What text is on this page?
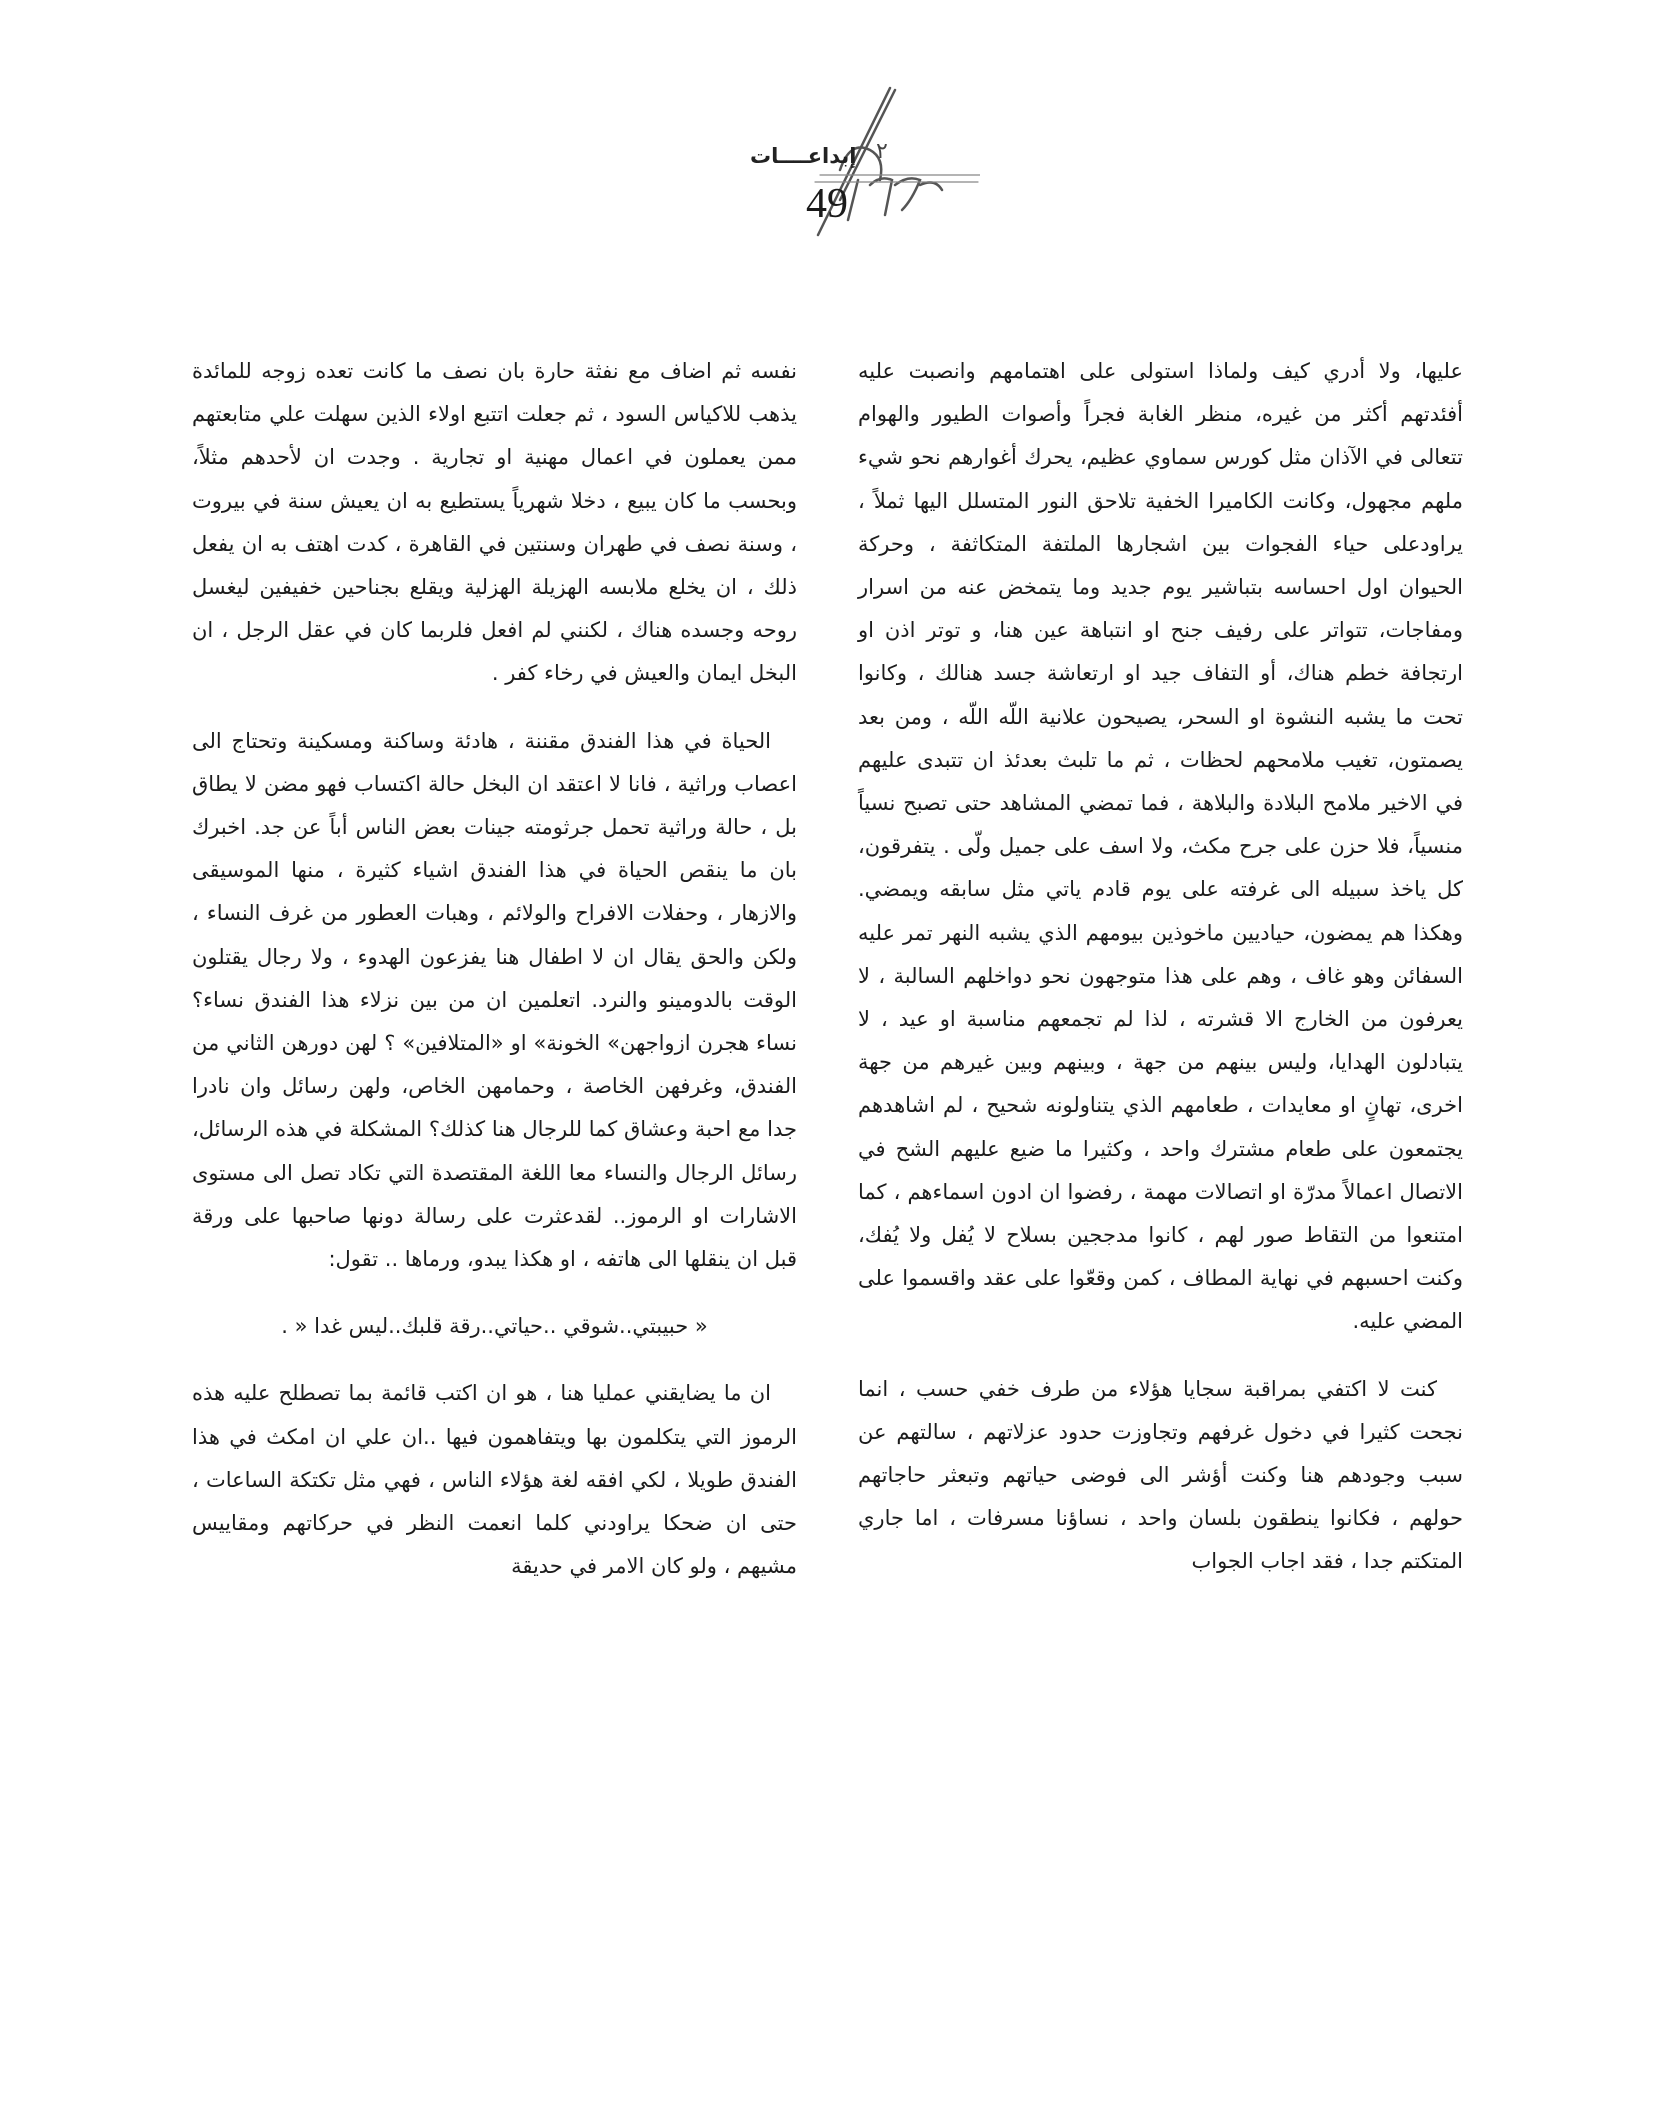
٢
إبداعــــات
49

عليها، ولا أدري كيف ولماذا استولى على اهتمامهم وانصبت عليه أفئدتهم أكثر من غيره، منظر الغابة فجراً وأصوات الطيور والهوام تتعالى في الآذان مثل كورس سماوي عظيم، يحرك أغوارهم نحو شيء ملهم مجهول، وكانت الكاميرا الخفية تلاحق النور المتسلل اليها ثملاً ، يراودعلى حياء الفجوات بين اشجارها الملتفة المتكاثفة ، وحركة الحيوان اول احساسه بتباشير يوم جديد وما يتمخض عنه من اسرار ومفاجات، تتواتر على رفيف جنح او انتباهة عين هنا، و توتر اذن او ارتجافة خطم هناك، أو التفاف جيد او ارتعاشة جسد هنالك ، وكانوا تحت ما يشبه النشوة او السحر، يصيحون علانية اللّه اللّه ، ومن بعد يصمتون، تغيب ملامحهم لحظات ، ثم ما تلبث بعدئذ ان تتبدى عليهم في الاخير ملامح البلادة والبلاهة ، فما تمضي المشاهد حتى تصبح نسياً منسياً، فلا حزن على جرح مكث، ولا اسف على جميل ولّى . يتفرقون، كل ياخذ سبيله الى غرفته على يوم قادم ياتي مثل سابقه ويمضي. وهكذا هم يمضون، حياديين ماخوذين بيومهم الذي يشبه النهر تمر عليه السفائن وهو غاف ، وهم على هذا متوجهون نحو دواخلهم السالبة ، لا يعرفون من الخارج الا قشرته ، لذا لم تجمعهم مناسبة او عيد ، لا يتبادلون الهدايا، وليس بينهم من جهة ، وبينهم وبين غيرهم من جهة اخرى، تهانٍ او معايدات ، طعامهم الذي يتناولونه شحيح ، لم اشاهدهم يجتمعون على طعام مشترك واحد ، وكثيرا ما ضيع عليهم الشح في الاتصال اعمالاً مدرّة او اتصالات مهمة ، رفضوا ان ادون اسماءهم ، كما امتنعوا من التقاط صور لهم ، كانوا مدججين بسلاح لا يُفل ولا يُفك، وكنت احسبهم في نهاية المطاف ، كمن وقعّوا على عقد واقسموا على المضي عليه.

كنت لا اكتفي بمراقبة سجايا هؤلاء من طرف خفي حسب ، انما نجحت كثيرا في دخول غرفهم وتجاوزت حدود عزلاتهم ، سالتهم عن سبب وجودهم هنا وكنت أؤشر الى فوضى حياتهم وتبعثر حاجاتهم حولهم ، فكانوا ينطقون بلسان واحد ، نساؤنا مسرفات ، اما جاري المتكتم جدا ، فقد اجاب الجواب

نفسه ثم اضاف مع نفثة حارة بان نصف ما كانت تعده زوجه للمائدة يذهب للاكياس السود ، ثم جعلت اتتبع اولاء الذين سهلت علي متابعتهم ممن يعملون في اعمال مهنية او تجارية . وجدت ان لأحدهم مثلاً، وبحسب ما كان يبيع ، دخلا شهرياً يستطيع به ان يعيش سنة في بيروت ، وسنة نصف في طهران وسنتين في القاهرة ، كدت اهتف به ان يفعل ذلك ، ان يخلع ملابسه الهزيلة الهزلية ويقلع بجناحين خفيفين ليغسل روحه وجسده هناك ، لكنني لم افعل فلربما كان في عقل الرجل ، ان البخل ايمان والعيش في رخاء كفر .

الحياة في هذا الفندق مقننة ، هادئة وساكنة ومسكينة وتحتاج الى اعصاب وراثية ، فانا لا اعتقد ان البخل حالة اكتساب فهو مضن لا يطاق بل ، حالة وراثية تحمل جرثومته جينات بعض الناس أباً عن جد. اخبرك بان ما ينقص الحياة في هذا الفندق اشياء كثيرة ، منها الموسيقى والازهار ، وحفلات الافراح والولائم ، وهبات العطور من غرف النساء ، ولكن والحق يقال ان لا اطفال هنا يفزعون الهدوء ، ولا رجال يقتلون الوقت بالدومينو والنرد. اتعلمين ان من بين نزلاء هذا الفندق نساء؟ نساء هجرن ازواجهن» الخونة» او «المتلافين» ؟ لهن دورهن الثاني من الفندق، وغرفهن الخاصة ، وحمامهن الخاص، ولهن رسائل وان نادرا جدا مع احبة وعشاق كما للرجال هنا كذلك؟ المشكلة في هذه الرسائل، رسائل الرجال والنساء معا اللغة المقتصدة التي تكاد تصل الى مستوى الاشارات او الرموز.. لقدعثرت على رسالة دونها صاحبها على ورقة قبل ان ينقلها الى هاتفه ، او هكذا يبدو، ورماها .. تقول:

« حبيبتي..شوقي ..حياتي..رقة قلبك..ليس غدا « .

ان ما يضايقني عمليا هنا ، هو ان اكتب قائمة بما تصطلح عليه هذه الرموز التي يتكلمون بها ويتفاهمون فيها ..ان علي ان امكث في هذا الفندق طويلا ، لكي افقه لغة هؤلاء الناس ، فهي مثل تكتكة الساعات ، حتى ان ضحكا يراودني كلما انعمت النظر في حركاتهم ومقاييس مشيهم ، ولو كان الامر في حديقة
